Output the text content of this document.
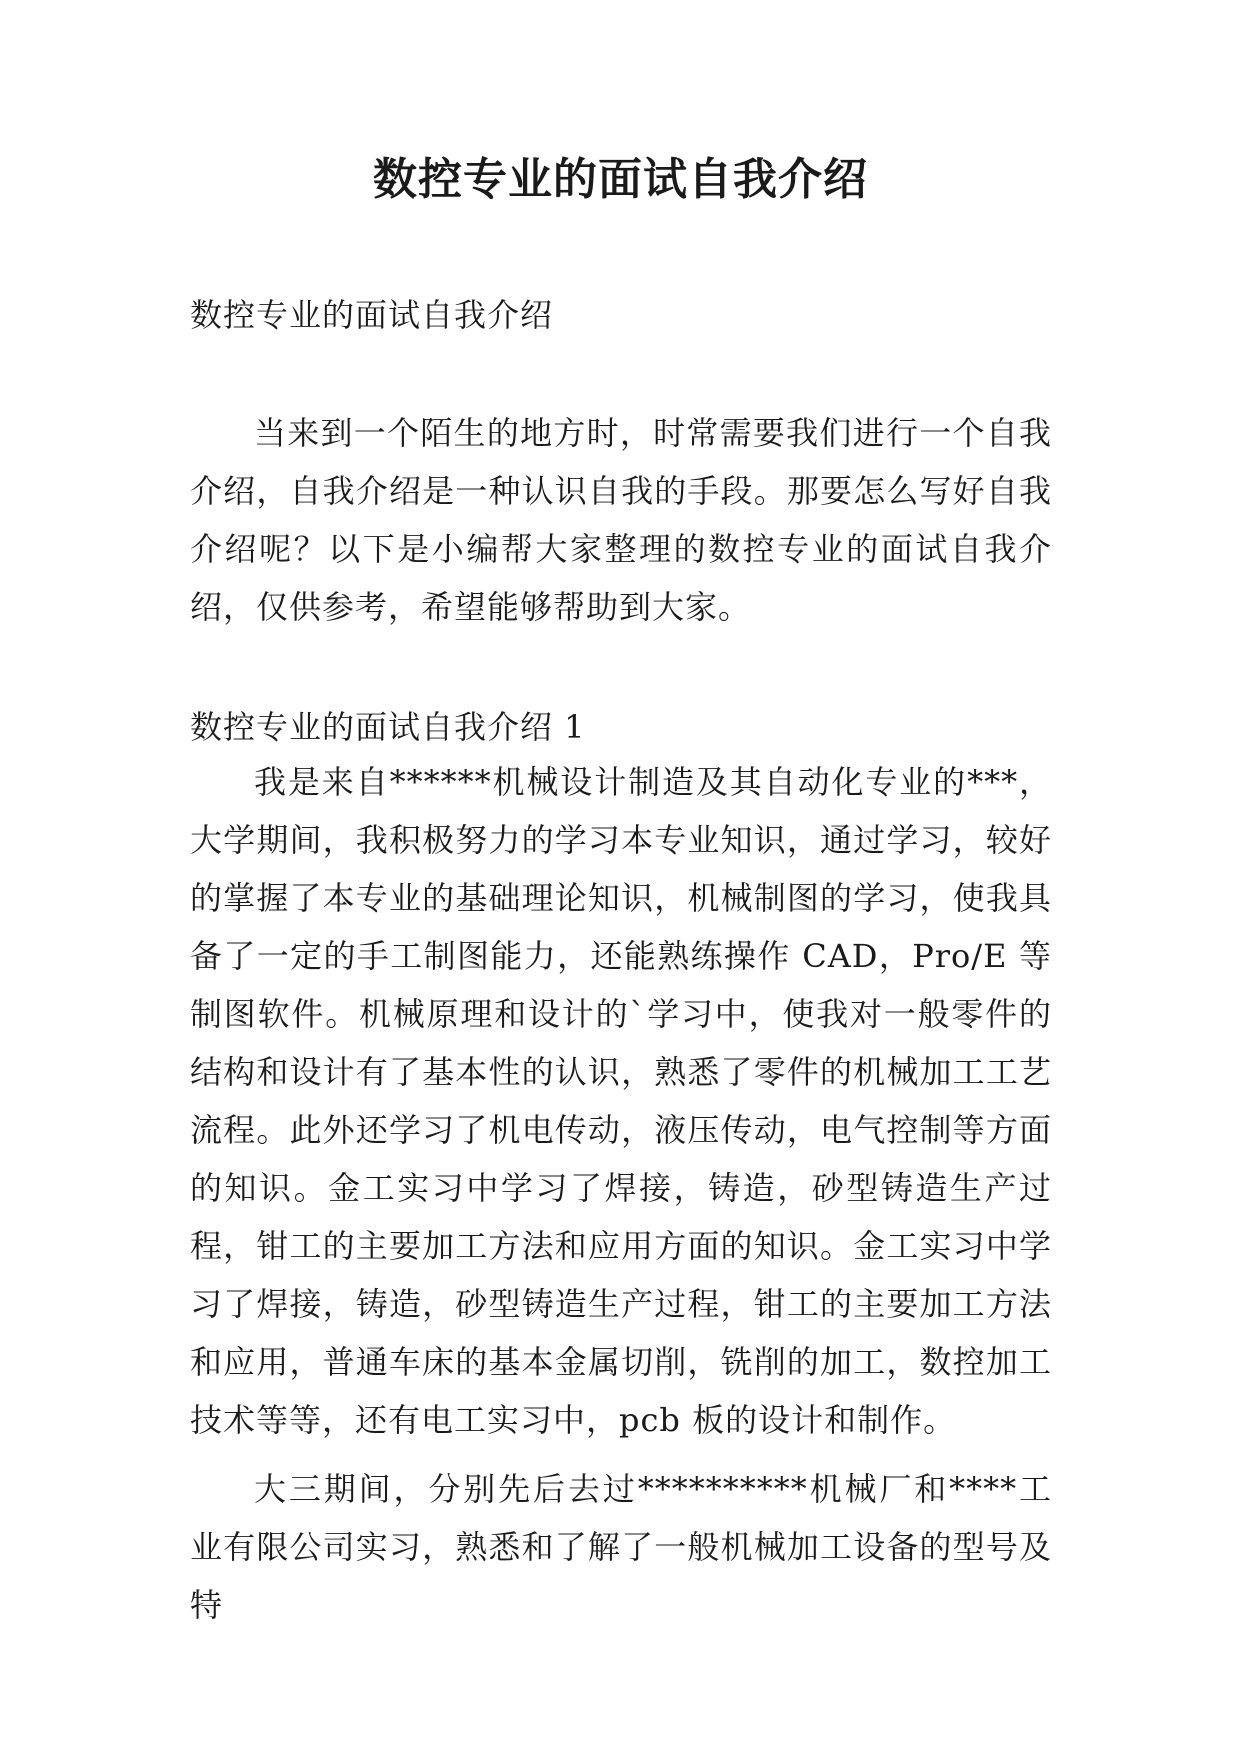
数控专业的面试自我介绍

数控专业的面试自我介绍

当来到一个陌生的地方时，时常需要我们进行一个自我介绍，自我介绍是一种认识自我的手段。那要怎么写好自我介绍呢？以下是小编帮大家整理的数控专业的面试自我介绍，仅供参考，希望能够帮助到大家。

数控专业的面试自我介绍 1

我是来自******机械设计制造及其自动化专业的***，大学期间，我积极努力的学习本专业知识，通过学习，较好的掌握了本专业的基础理论知识，机械制图的学习，使我具备了一定的手工制图能力，还能熟练操作 CAD，Pro/E 等制图软件。机械原理和设计的`学习中，使我对一般零件的结构和设计有了基本性的认识，熟悉了零件的机械加工工艺流程。此外还学习了机电传动，液压传动，电气控制等方面的知识。金工实习中学习了焊接，铸造，砂型铸造生产过程，钳工的主要加工方法和应用方面的知识。金工实习中学习了焊接，铸造，砂型铸造生产过程，钳工的主要加工方法和应用，普通车床的基本金属切削，铣削的加工，数控加工技术等等，还有电工实习中，pcb 板的设计和制作。

大三期间，分别先后去过**********机械厂和****工业有限公司实习，熟悉和了解了一般机械加工设备的型号及特
